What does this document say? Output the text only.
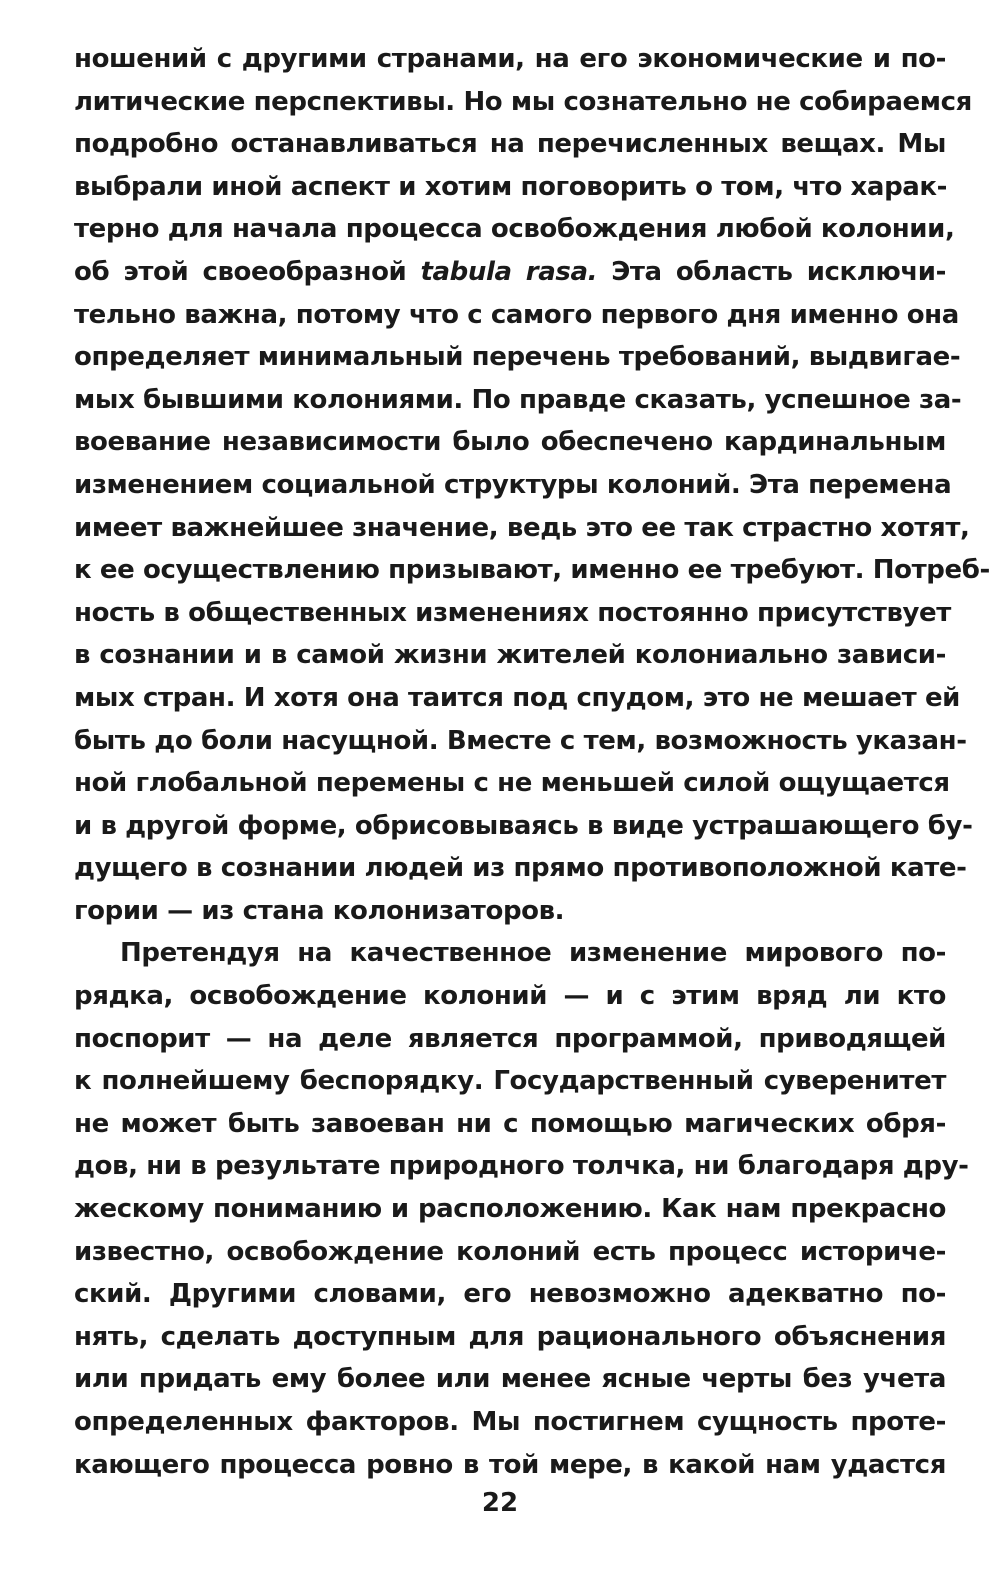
ношений с другими странами, на его экономические и по-
литические перспективы. Но мы сознательно не собираемся
подробно останавливаться на перечисленных вещах. Мы
выбрали иной аспект и хотим поговорить о том, что харак-
терно для начала процесса освобождения любой колонии,
об этой своеобразной tabula rasa. Эта область исключи-
тельно важна, потому что с самого первого дня именно она
определяет минимальный перечень требований, выдвигае-
мых бывшими колониями. По правде сказать, успешное за-
воевание независимости было обеспечено кардинальным
изменением социальной структуры колоний. Эта перемена
имеет важнейшее значение, ведь это ее так страстно хотят,
к ее осуществлению призывают, именно ее требуют. Потреб-
ность в общественных изменениях постоянно присутствует
в сознании и в самой жизни жителей колониально зависи-
мых стран. И хотя она таится под спудом, это не мешает ей
быть до боли насущной. Вместе с тем, возможность указан-
ной глобальной перемены с не меньшей силой ощущается
и в другой форме, обрисовываясь в виде устрашающего бу-
дущего в сознании людей из прямо противоположной кате-
гории — из стана колонизаторов.
Претендуя на качественное изменение мирового по-
рядка, освобождение колоний — и с этим вряд ли кто
поспорит — на деле является программой, приводящей
к полнейшему беспорядку. Государственный суверенитет
не может быть завоеван ни с помощью магических обря-
дов, ни в результате природного толчка, ни благодаря дру-
жескому пониманию и расположению. Как нам прекрасно
известно, освобождение колоний есть процесс историче-
ский. Другими словами, его невозможно адекватно по-
нять, сделать доступным для рационального объяснения
или придать ему более или менее ясные черты без учета
определенных факторов. Мы постигнем сущность проте-
кающего процесса ровно в той мере, в какой нам удастся
22
